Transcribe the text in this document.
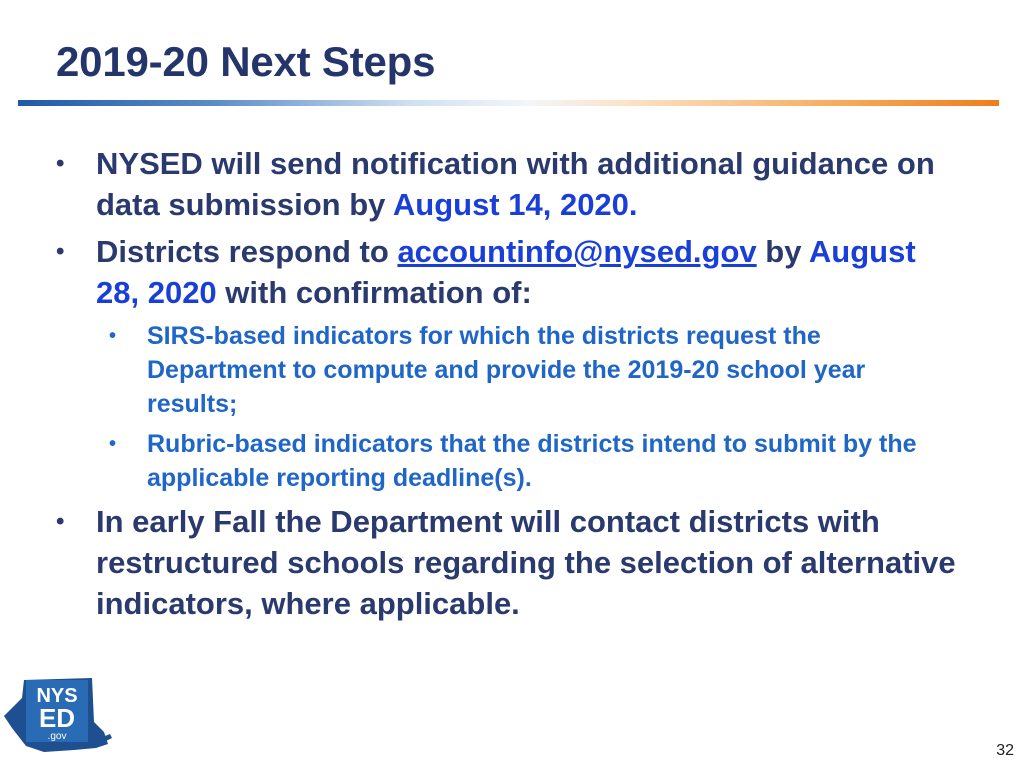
2019-20 Next Steps

• NYSED will send notification with additional guidance on data submission by August 14, 2020.

• Districts respond to accountinfo@nysed.gov by August 28, 2020 with confirmation of:

• SIRS-based indicators for which the districts request the Department to compute and provide the 2019-20 school year results;

• Rubric-based indicators that the districts intend to submit by the applicable reporting deadline(s).

• In early Fall the Department will contact districts with restructured schools regarding the selection of alternative indicators, where applicable.

NYS
ED
.gov
32
